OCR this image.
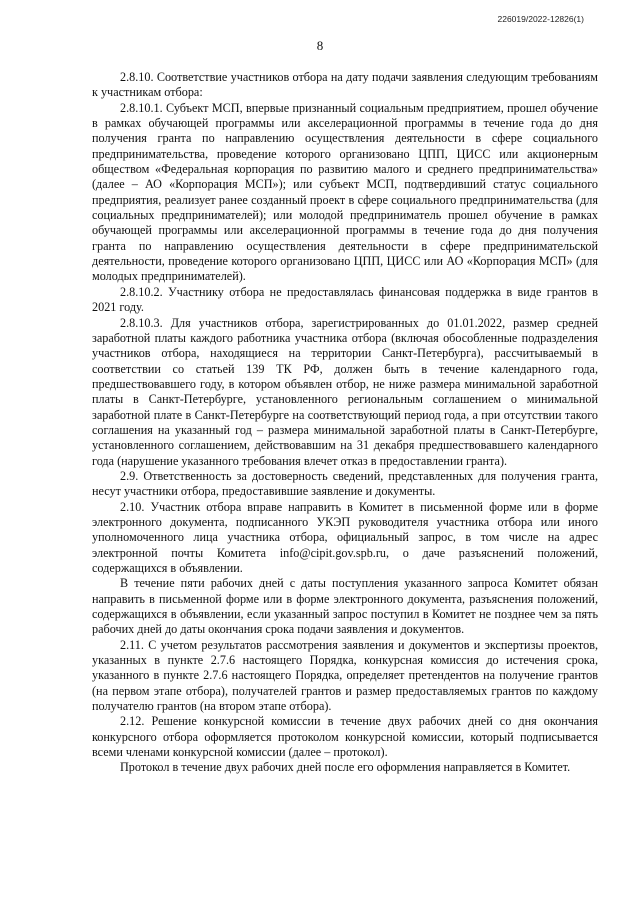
226019/2022-12826(1)
8

2.8.10. Соответствие участников отбора на дату подачи заявления следующим требованиям к участникам отбора:

2.8.10.1. Субъект МСП, впервые признанный социальным предприятием, прошел обучение в рамках обучающей программы или акселерационной программы в течение года до дня получения гранта по направлению осуществления деятельности в сфере социального предпринимательства, проведение которого организовано ЦПП, ЦИСС или акционерным обществом «Федеральная корпорация по развитию малого и среднего предпринимательства» (далее – АО «Корпорация МСП»); или субъект МСП, подтвердивший статус социального предприятия, реализует ранее созданный проект в сфере социального предпринимательства (для социальных предпринимателей); или молодой предприниматель прошел обучение в рамках обучающей программы или акселерационной программы в течение года до дня получения гранта по направлению осуществления деятельности в сфере предпринимательской деятельности, проведение которого организовано ЦПП, ЦИСС или АО «Корпорация МСП» (для молодых предпринимателей).

2.8.10.2. Участнику отбора не предоставлялась финансовая поддержка в виде грантов в 2021 году.

2.8.10.3. Для участников отбора, зарегистрированных до 01.01.2022, размер средней заработной платы каждого работника участника отбора (включая обособленные подразделения участников отбора, находящиеся на территории Санкт-Петербурга), рассчитываемый в соответствии со статьей 139 ТК РФ, должен быть в течение календарного года, предшествовавшего году, в котором объявлен отбор, не ниже размера минимальной заработной платы в Санкт-Петербурге, установленного региональным соглашением о минимальной заработной плате в Санкт-Петербурге на соответствующий период года, а при отсутствии такого соглашения на указанный год – размера минимальной заработной платы в Санкт-Петербурге, установленного соглашением, действовавшим на 31 декабря предшествовавшего календарного года (нарушение указанного требования влечет отказ в предоставлении гранта).

2.9. Ответственность за достоверность сведений, представленных для получения гранта, несут участники отбора, предоставившие заявление и документы.

2.10. Участник отбора вправе направить в Комитет в письменной форме или в форме электронного документа, подписанного УКЭП руководителя участника отбора или иного уполномоченного лица участника отбора, официальный запрос, в том числе на адрес электронной почты Комитета info@cipit.gov.spb.ru, о даче разъяснений положений, содержащихся в объявлении.

В течение пяти рабочих дней с даты поступления указанного запроса Комитет обязан направить в письменной форме или в форме электронного документа, разъяснения положений, содержащихся в объявлении, если указанный запрос поступил в Комитет не позднее чем за пять рабочих дней до даты окончания срока подачи заявления и документов.

2.11. С учетом результатов рассмотрения заявления и документов и экспертизы проектов, указанных в пункте 2.7.6 настоящего Порядка, конкурсная комиссия до истечения срока, указанного в пункте 2.7.6 настоящего Порядка, определяет претендентов на получение грантов (на первом этапе отбора), получателей грантов и размер предоставляемых грантов по каждому получателю грантов (на втором этапе отбора).

2.12. Решение конкурсной комиссии в течение двух рабочих дней со дня окончания конкурсного отбора оформляется протоколом конкурсной комиссии, который подписывается всеми членами конкурсной комиссии (далее – протокол).

Протокол в течение двух рабочих дней после его оформления направляется в Комитет.
